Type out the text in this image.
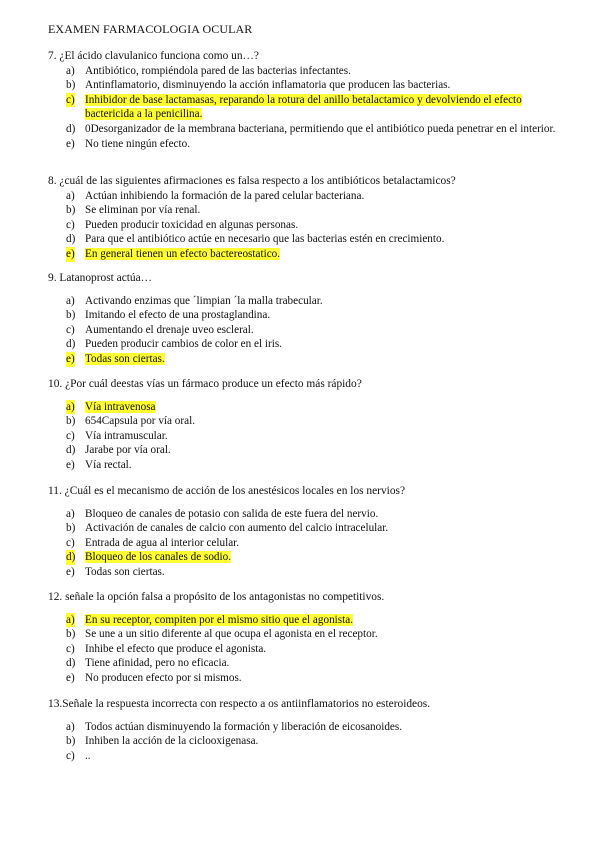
EXAMEN FARMACOLOGIA OCULAR
7. ¿El ácido clavulanico funciona como un…?
a) Antibiótico, rompiéndola pared de las bacterias infectantes.
b) Antinflamatorio, disminuyendo la acción inflamatoria que producen las bacterias.
c) Inhibidor de base lactamasas, reparando la rotura del anillo betalactamico y devolviendo el efecto bactericida a la penicilina.
d) 0Desorganizador de la membrana bacteriana, permitiendo que el antibiótico pueda penetrar en el interior.
e) No tiene ningún efecto.
8. ¿cuál de las siguientes afirmaciones es falsa respecto a los antibióticos betalactamicos?
a) Actúan inhibiendo la formación de la pared celular bacteriana.
b) Se eliminan por vía renal.
c) Pueden producir toxicidad en algunas personas.
d) Para que el antibiótico actúe en necesario que las bacterias estén en crecimiento.
e) En general tienen un efecto bactereostatico.
9. Latanoprost actúa…
a) Activando enzimas que ´limpian ´la malla trabecular.
b) Imitando el efecto de una prostaglandina.
c) Aumentando el drenaje uveo escleral.
d) Pueden producir cambios de color en el iris.
e) Todas son ciertas.
10. ¿Por cuál deestas vías un fármaco produce un efecto más rápido?
a) Vía intravenosa
b) 654Capsula por vía oral.
c) Vía intramuscular.
d) Jarabe por vía oral.
e) Vía rectal.
11. ¿Cuál es el mecanismo de acción de los anestésicos locales en los nervios?
a) Bloqueo de canales de potasio con salida de este fuera del nervio.
b) Activación de canales de calcio con aumento del calcio intracelular.
c) Entrada de agua al interior celular.
d) Bloqueo de los canales de sodio.
e) Todas son ciertas.
12. señale la opción falsa a propósito de los antagonistas no competitivos.
a) En su receptor, compiten por el mismo sitio que el agonista.
b) Se une a un sitio diferente al que ocupa el agonista en el receptor.
c) Inhibe el efecto que produce el agonista.
d) Tiene afinidad, pero no eficacia.
e) No producen efecto por si mismos.
13.Señale la respuesta incorrecta con respecto a os antiinflamatorios no esteroideos.
a) Todos actúan disminuyendo la formación y liberación de eicosanoides.
b) Inhiben la acción de la ciclooxigenasa.
c) ..
